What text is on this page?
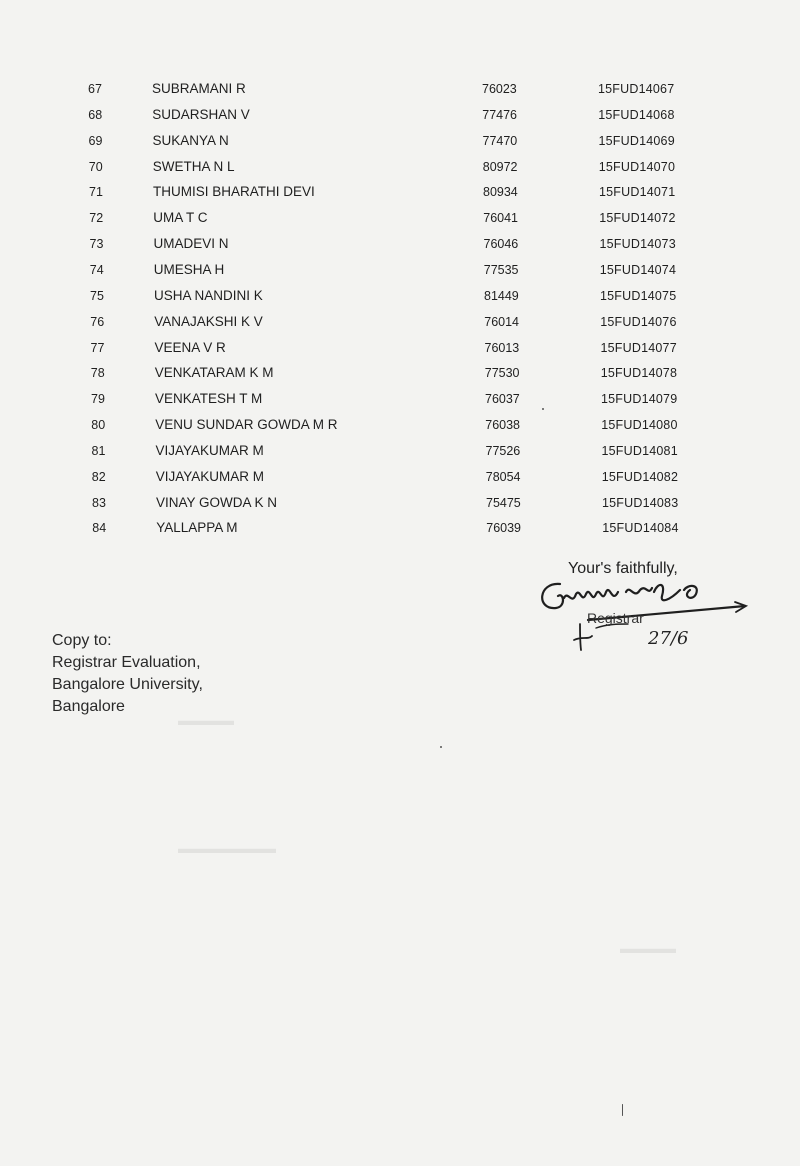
▬▬▬▬
▬▬▬▬▬▬▬
▬▬▬▬
67	SUBRAMANI R	76023	15FUD14067
68	SUDARSHAN V	77476	15FUD14068
69	SUKANYA N	77470	15FUD14069
70	SWETHA N L	80972	15FUD14070
71	THUMISI BHARATHI DEVI	80934	15FUD14071
72	UMA T C	76041	15FUD14072
73	UMADEVI N	76046	15FUD14073
74	UMESHA H	77535	15FUD14074
75	USHA NANDINI K	81449	15FUD14075
76	VANAJAKSHI K V	76014	15FUD14076
77	VEENA V R	76013	15FUD14077
78	VENKATARAM K M	77530	15FUD14078
79	VENKATESH T M	76037	15FUD14079
80	VENU SUNDAR GOWDA M R	76038	15FUD14080
81	VIJAYAKUMAR M	77526	15FUD14081
82	VIJAYAKUMAR M	78054	15FUD14082
83	VINAY GOWDA K N	75475	15FUD14083
84	YALLAPPA M	76039	15FUD14084
Your's faithfully,
Registrar
27/6
Copy to:
Registrar Evaluation,
Bangalore University,
Bangalore
